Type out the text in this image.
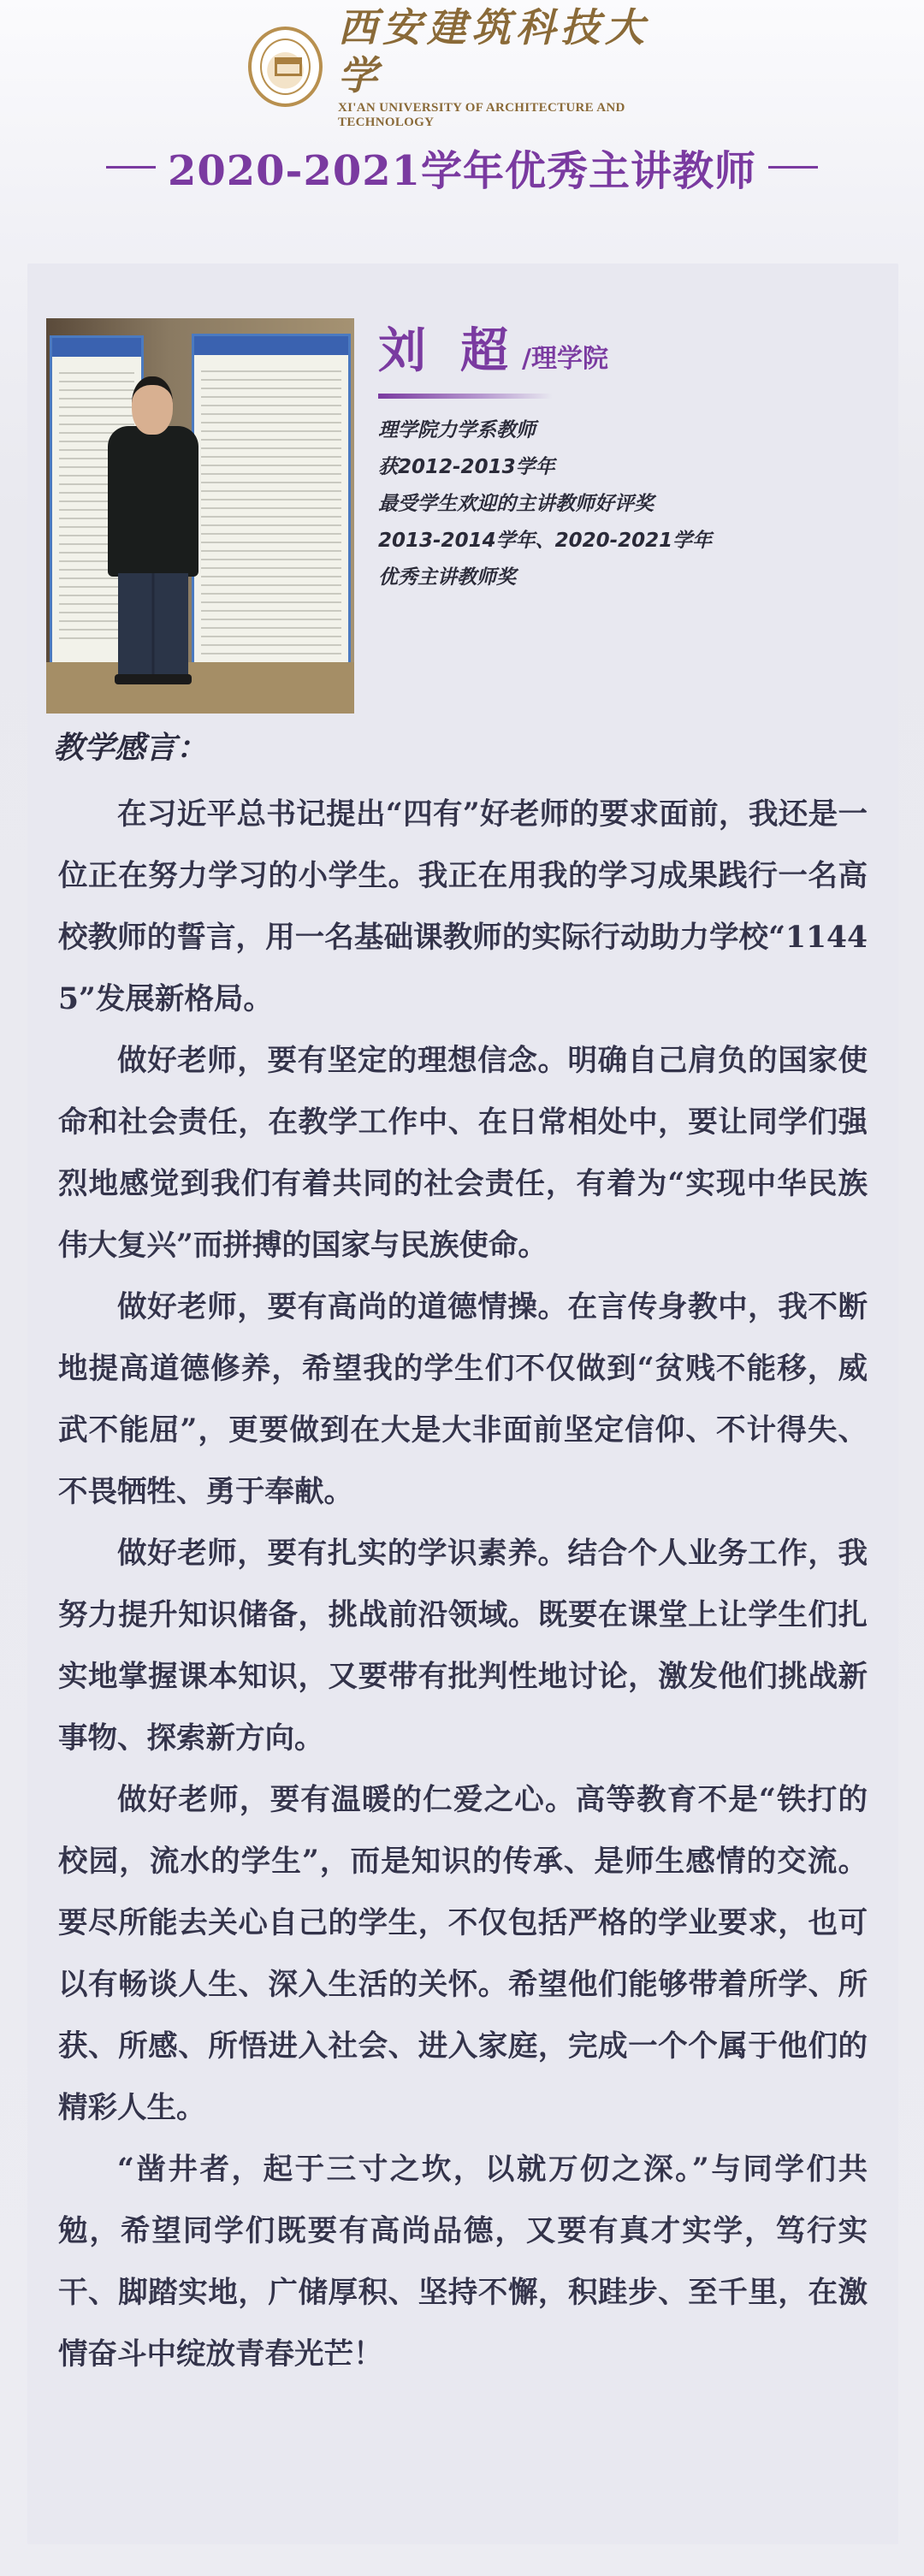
西安建筑科技大学
XI'AN UNIVERSITY OF ARCHITECTURE AND TECHNOLOGY
2020-2021学年优秀主讲教师
刘超
/理学院
理学院力学系教师
获2012-2013学年
最受学生欢迎的主讲教师好评奖
2013-2014学年、2020-2021学年
优秀主讲教师奖
教学感言：

在习近平总书记提出“四有”好老师的要求面前，我还是一位正在努力学习的小学生。我正在用我的学习成果践行一名高校教师的誓言，用一名基础课教师的实际行动助力学校“11445”发展新格局。

做好老师，要有坚定的理想信念。明确自己肩负的国家使命和社会责任，在教学工作中、在日常相处中，要让同学们强烈地感觉到我们有着共同的社会责任，有着为“实现中华民族伟大复兴”而拼搏的国家与民族使命。

做好老师，要有高尚的道德情操。在言传身教中，我不断地提高道德修养，希望我的学生们不仅做到“贫贱不能移，威武不能屈”，更要做到在大是大非面前坚定信仰、不计得失、不畏牺牲、勇于奉献。

做好老师，要有扎实的学识素养。结合个人业务工作，我努力提升知识储备，挑战前沿领域。既要在课堂上让学生们扎实地掌握课本知识，又要带有批判性地讨论，激发他们挑战新事物、探索新方向。

做好老师，要有温暖的仁爱之心。高等教育不是“铁打的校园，流水的学生”，而是知识的传承、是师生感情的交流。要尽所能去关心自己的学生，不仅包括严格的学业要求，也可以有畅谈人生、深入生活的关怀。希望他们能够带着所学、所获、所感、所悟进入社会、进入家庭，完成一个个属于他们的精彩人生。

“凿井者，起于三寸之坎，以就万仞之深。”与同学们共勉，希望同学们既要有高尚品德，又要有真才实学，笃行实干、脚踏实地，广储厚积、坚持不懈，积跬步、至千里，在激情奋斗中绽放青春光芒！
